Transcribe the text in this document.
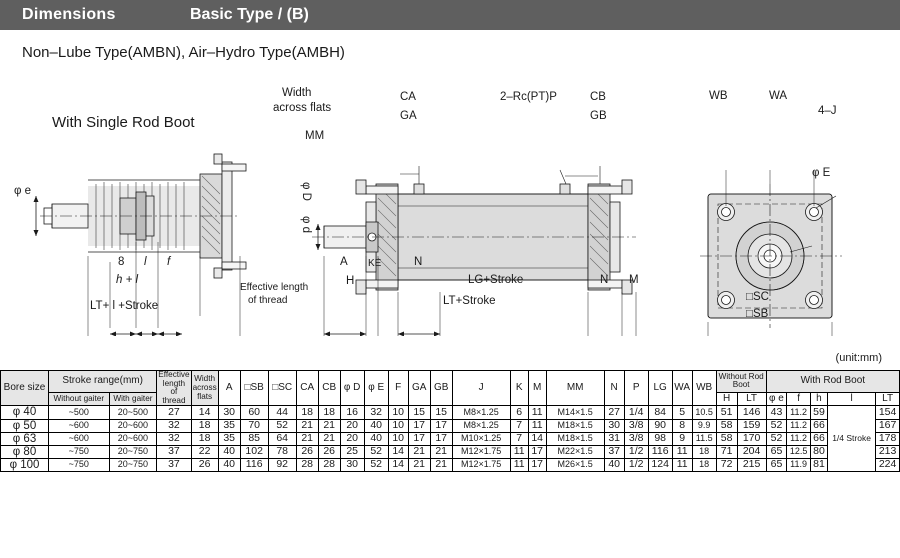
Dimensions	Basic Type / (B)
Non–Lube Type(AMBN), Air–Hydro Type(AMBH)
With Single Rod Boot
Width
across flats
MM
CA
GA
CB
GB
2–Rc(PT)P	WB	WA
4–J
φ E
φ e	φ D
φ d
8 l f
h + l
Effective length
of thread
LT+ l +Stroke
A KE	N
H	LG+Stroke	N M
LT+Stroke	□SC
□SB
(unit:mm)
Bore size	Stroke range(mm)		Effective length of thread	Width across flats	A	□SB	□SC	CA	CB	φ D	φ E	F	GA	GB	J	K	M	MM	N	P	LG	WA	WB	Without Rod Boot		With Rod Boot				
	Without gaiter	With gaiter																						H	LT	φ e	f	h	l	LT
φ 40	~500	20~500	27	14	30	60	44	18	18	16	32	10	15	15	M8×1.25	6	11	M14×1.5	27	1/4	84	5	10.5	51	146	43	11.2	59	1/4 Stroke	154
φ 50	~600	20~600	32	18	35	70	52	21	21	20	40	10	17	17	M8×1.25	7	11	M18×1.5	30	3/8	90	8	9.9	58	159	52	11.2	66		167
φ 63	~600	20~600	32	18	35	85	64	21	21	20	40	10	17	17	M10×1.25	7	14	M18×1.5	31	3/8	98	9	11.5	58	170	52	11.2	66		178
φ 80	~750	20~750	37	22	40	102	78	26	26	25	52	14	21	21	M12×1.75	11	17	M22×1.5	37	1/2	116	11	18	71	204	65	12.5	80		213
φ 100	~750	20~750	37	26	40	116	92	28	28	30	52	14	21	21	M12×1.75	11	17	M26×1.5	40	1/2	124	11	18	72	215	65	11.9	81		224
